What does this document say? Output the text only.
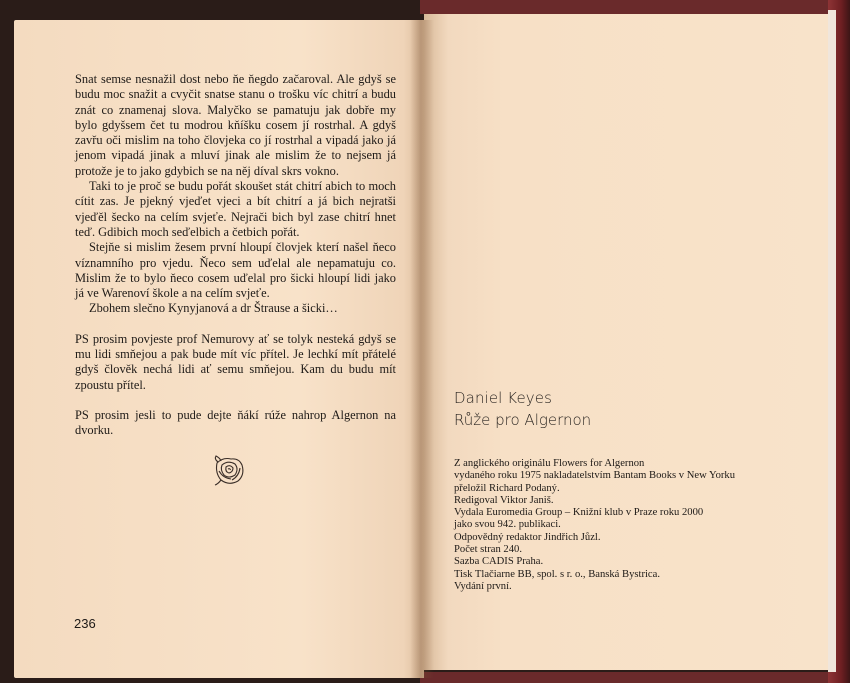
Snat semse nesnažil dost nebo ňe ňegdo začaroval. Ale gdyš se budu moc snažit a cvyčit snatse stanu o trošku víc chitrí a budu znát co znamenaj slova. Malyčko se pamatuju jak dobře my bylo gdyšsem čet tu modrou kňíšku cosem jí rostrhal. A gdyš zavřu oči mislim na toho človjeka co jí rostrhal a vipadá jako já jenom vipadá jinak a mluví jinak ale mislim že to nejsem já protože je to jako gdybich se na něj díval skrs vokno.

Taki to je proč se budu pořát skoušet stát chitrí abich to moch cítit zas. Je pjekný vjeďet vjeci a bít chitrí a já bich nejratši vjeďěl šecko na celím svjeťe. Nejrači bich byl zase chitrí hnet teď. Gdibich moch seďelbich a četbich pořát.

Stejňe si mislim žesem první hloupí človjek kterí našel ňeco víznamního pro vjedu. Ňeco sem uďelal ale nepamatuju co. Mislim že to bylo ňeco cosem uďelal pro šicki hloupí lidi jako já ve Warenoví škole a na celím svjeťe.

Zbohem slečno Kynyjanová a dr Štrause a šicki…

PS prosim povjeste prof Nemurovy ať se tolyk nesteká gdyš se mu lidi smňejou a pak bude mít víc přítel. Je lechkí mít přátelé gdyš člověk nechá lidi ať semu smňejou. Kam du budu mít zpoustu přítel.

PS prosim jesli to pude dejte ňákí rúže nahrop Algernon na dvorku.

236
Daniel Keyes
Růže pro Algernon
Z anglického originálu Flowers for Algernon
vydaného roku 1975 nakladatelstvím Bantam Books v New Yorku
přeložil Richard Podaný.
Redigoval Viktor Janiš.
Vydala Euromedia Group – Knižní klub v Praze roku 2000
jako svou 942. publikaci.
Odpovědný redaktor Jindřich Jůzl.
Počet stran 240.
Sazba CADIS Praha.
Tisk Tlačiarne BB, spol. s r. o., Banská Bystrica.
Vydání první.
